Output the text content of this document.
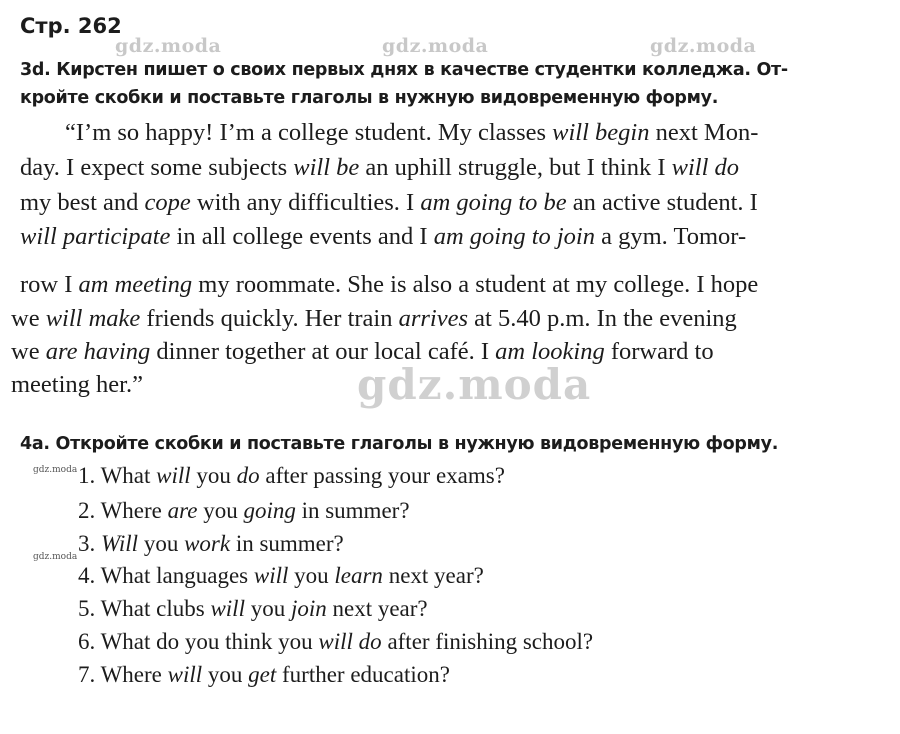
gdz.moda	gdz.moda	gdz.moda
gdz.moda
gdz.moda
gdz.moda
Стр. 262
3d. Кирстен пишет о своих первых днях в качестве студентки колледжа. От-
кройте скобки и поставьте глаголы в нужную видовременную форму.
“I’m so happy! I’m a college student. My classes will begin next Mon-
day. I expect some subjects will be an uphill struggle, but I think I will do
my best and cope with any difficulties. I am going to be an active student. I
will participate in all college events and I am going to join a gym. Tomor-
row I am meeting my roommate. She is also a student at my college. I hope
we will make friends quickly. Her train arrives at 5.40 p.m. In the evening
we are having dinner together at our local café. I am looking forward to
meeting her.”
4a. Откройте скобки и поставьте глаголы в нужную видовременную форму.
1. What will you do after passing your exams?
2. Where are you going in summer?
3. Will you work in summer?
4. What languages will you learn next year?
5. What clubs will you join next year?
6. What do you think you will do after finishing school?
7. Where will you get further education?
